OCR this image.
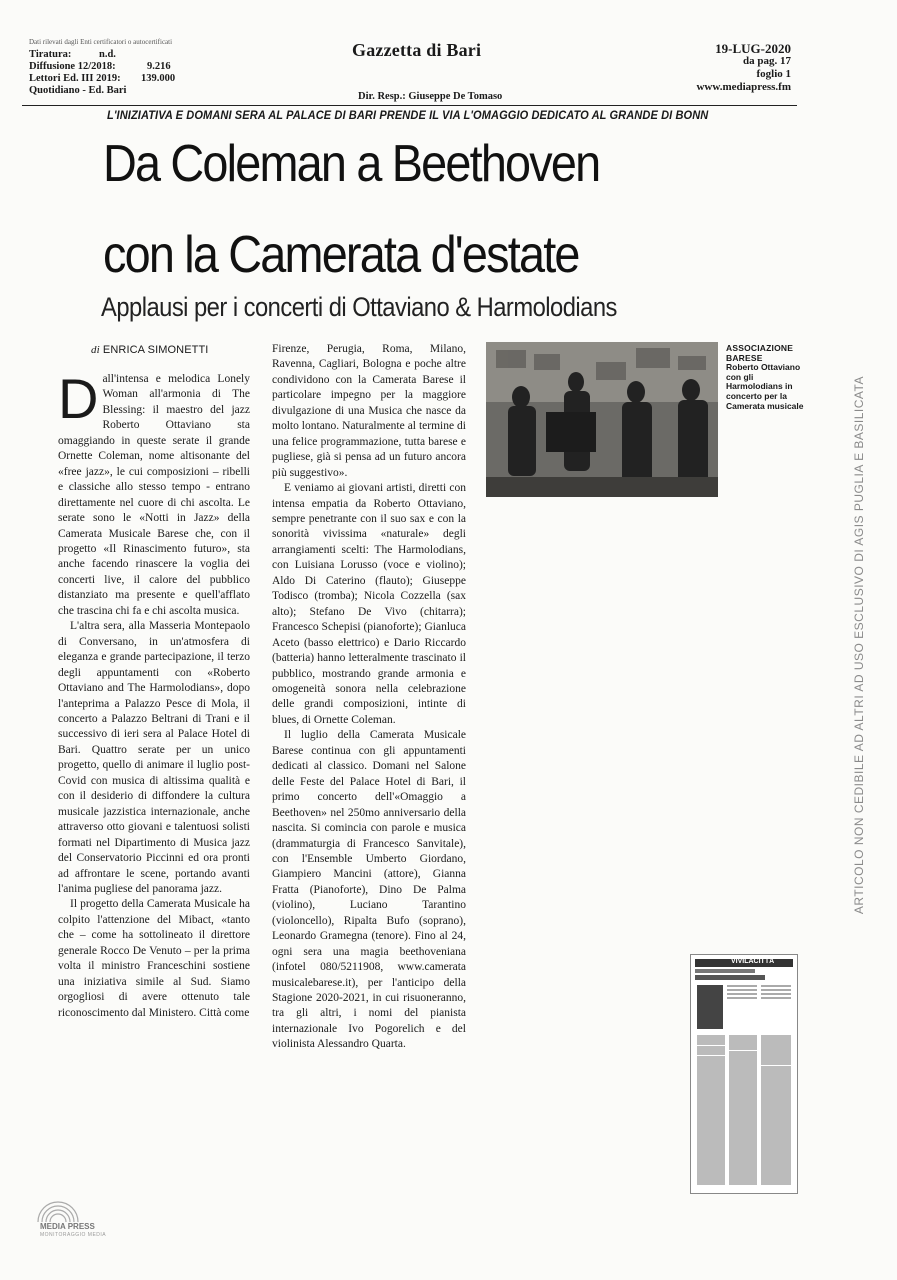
Dati rilevati dagli Enti certificatori o autocertificati
Tiratura:	n.d.
Diffusione 12/2018:	9.216
Lettori Ed. III 2019: 139.000
Quotidiano - Ed. Bari
Gazzetta di Bari
Dir. Resp.: Giuseppe De Tomaso
19-LUG-2020
da pag. 17
foglio 1
www.mediapress.fm
L'INIZIATIVA E DOMANI SERA AL PALACE DI BARI PRENDE IL VIA L'OMAGGIO DEDICATO AL GRANDE DI BONN
Da Coleman a Beethoven
con la Camerata d'estate
Applausi per i concerti di Ottaviano & Harmolodians
di ENRICA SIMONETTI

Dall'intensa e melodica Lonely Woman all'armonia di The Blessing: il maestro del jazz Roberto Ottaviano sta omaggiando in queste serate il grande Ornette Coleman, nome altisonante del «free jazz», le cui composizioni – ribelli e classiche allo stesso tempo - entrano direttamente nel cuore di chi ascolta. Le serate sono le «Notti in Jazz» della Camerata Musicale Barese che, con il progetto «Il Rinascimento futuro», sta anche facendo rinascere la voglia dei concerti live, il calore del pubblico distanziato ma presente e quell'afflato che trascina chi fa e chi ascolta musica.

L'altra sera, alla Masseria Montepaolo di Conversano, in un'atmosfera di eleganza e grande partecipazione, il terzo degli appuntamenti con «Roberto Ottaviano and The Harmolodians», dopo l'anteprima a Palazzo Pesce di Mola, il concerto a Palazzo Beltrani di Trani e il successivo di ieri sera al Palace Hotel di Bari. Quattro serate per un unico progetto, quello di animare il luglio post-Covid con musica di altissima qualità e con il desiderio di diffondere la cultura musicale jazzistica internazionale, anche attraverso otto giovani e talentuosi solisti formati nel Dipartimento di Musica jazz del Conservatorio Piccinni ed ora pronti ad affrontare le scene, portando avanti l'anima pugliese del panorama jazz.

Il progetto della Camerata Musicale ha colpito l'attenzione del Mibact, «tanto che – come ha sottolineato il direttore generale Rocco De Venuto – per la prima volta il ministro Franceschini sostiene una iniziativa simile al Sud. Siamo orgogliosi di avere ottenuto tale riconoscimento dal Ministero. Città come

Firenze, Perugia, Roma, Milano, Ravenna, Cagliari, Bologna e poche altre condividono con la Camerata Barese il particolare impegno per la maggiore divulgazione di una Musica che nasce da molto lontano. Naturalmente al termine di una felice programmazione, tutta barese e pugliese, già si pensa ad un futuro ancora più suggestivo».

E veniamo ai giovani artisti, diretti con intensa empatia da Roberto Ottaviano, sempre penetrante con il suo sax e con la sonorità vivissima «naturale» degli arrangiamenti scelti: The Harmolodians, con Luisiana Lorusso (voce e violino); Aldo Di Caterino (flauto); Giuseppe Todisco (tromba); Nicola Cozzella (sax alto); Stefano De Vivo (chitarra); Francesco Schepisi (pianoforte); Gianluca Aceto (basso elettrico) e Dario Riccardo (batteria) hanno letteralmente trascinato il pubblico, mostrando grande armonia e omogeneità sonora nella celebrazione delle grandi composizioni, intinte di blues, di Ornette Coleman.

Il luglio della Camerata Musicale Barese continua con gli appuntamenti dedicati al classico. Domani nel Salone delle Feste del Palace Hotel di Bari, il primo concerto dell'«Omaggio a Beethoven» nel 250mo anniversario della nascita. Si comincia con parole e musica (drammaturgia di Francesco Sanvitale), con l'Ensemble Umberto Giordano, Giampiero Mancini (attore), Gianna Fratta (Pianoforte), Dino De Palma (violino), Luciano Tarantino (violoncello), Ripalta Bufo (soprano), Leonardo Gramegna (tenore). Fino al 24, ogni sera una magia beethoveniana (infotel 080/5211908, www.camerata musicalebarese.it), per l'anticipo della Stagione 2020-2021, in cui risuoneranno, tra gli altri, i nomi del pianista internazionale Ivo Pogorelich e del violinista Alessandro Quarta.

ASSOCIAZIONE BARESE
Roberto Ottaviano con gli Harmolodians in concerto per la Camerata musicale	ARTICOLO NON CEDIBILE AD ALTRI AD USO ESCLUSIVO DI AGIS PUGLIA E BASILICATA
VIVILACITTÀ
MEDIA PRESS
MONITORAGGIO MEDIA
